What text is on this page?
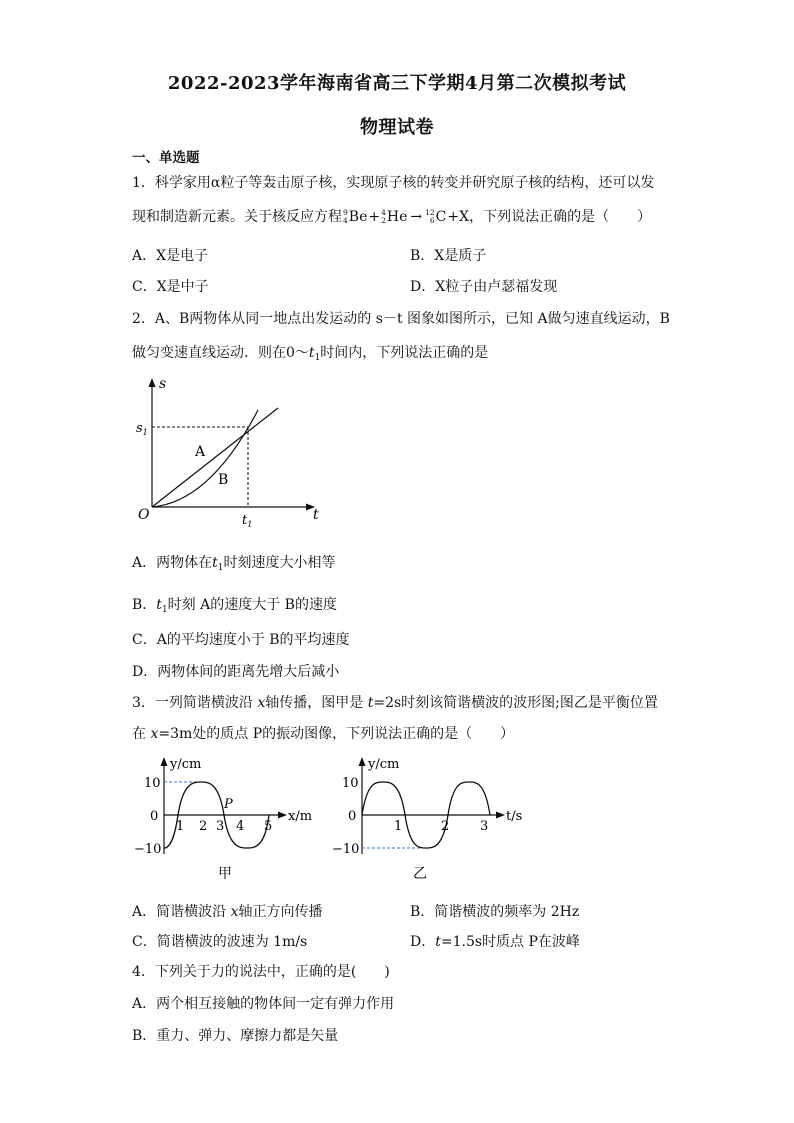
2022-2023学年海南省高三下学期4月第二次模拟考试
物理试卷
一、单选题
1．科学家用α粒子等轰击原子核，实现原子核的转变并研究原子核的结构，还可以发
现和制造新元素。关于核反应方程 9
4 Be + 4
2 He → 12
6 C +X，下列说法正确的是（　　）
A．X是电子	B．X是质子
C．X是中子	D．X粒子由卢瑟福发现
2．A、B两物体从同一地点出发运动的 s－t 图象如图所示，已知 A做匀速直线运动，B
做匀变速直线运动．则在$0\sim t_1$时间内，下列说法正确的是
s
t
O
$s_1$
$t_1$
A
B
A．两物体在$t_1$时刻速度大小相等
B．$t_1$时刻 A的速度大于 B的速度
C．A的平均速度小于 B的平均速度
D．两物体间的距离先增大后减小
3．一列简谐横波沿 x轴传播，图甲是 t=2s时刻该简谐横波的波形图;图乙是平衡位置
在 x=3m处的质点 P的振动图像，下列说法正确的是（　　）
y/cm
x/m
P
10
0
−10
1 2 3 4 5
甲
y/cm
t/s
10
0
−10
1	2 3
乙
A．简谐横波沿 x轴正方向传播	B．简谐横波的频率为 2Hz
C．简谐横波的波速为 1m/s	D．t=1.5s时质点 P在波峰
4．下列关于力的说法中，正确的是(　　)
A．两个相互接触的物体间一定有弹力作用
B．重力、弹力、摩擦力都是矢量
